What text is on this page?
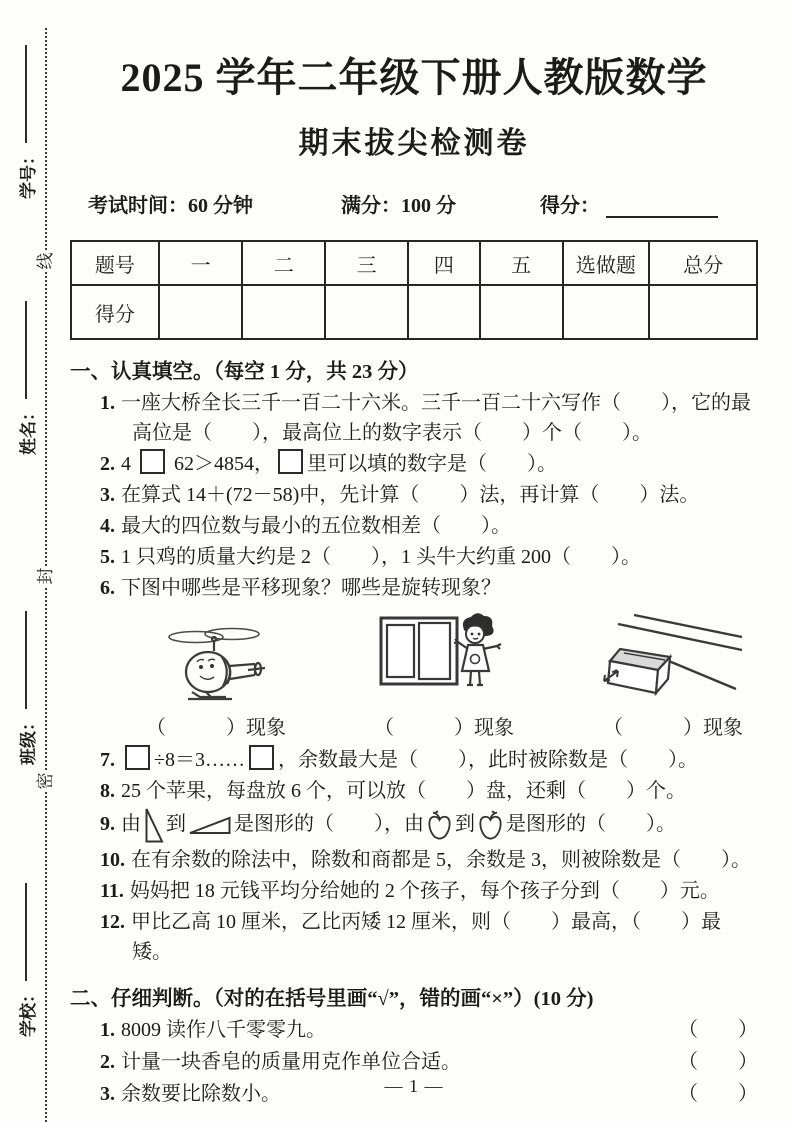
学号：
姓名：
班级：
学校：
线
封
密
2025 学年二年级下册人教版数学
期末拔尖检测卷
考试时间：60 分钟	满分：100 分	得分：
题号	一	二	三	四	五	选做题	总分
得分							
一、认真填空。（每空 1 分，共 23 分）
1. 一座大桥全长三千一百二十六米。三千一百二十六写作（　　），它的最高位是（　　），最高位上的数字表示（　　）个（　　）。
2. 4  62＞4854， 里可以填的数字是（　　）。
3. 在算式 14＋(72－58)中，先计算（　　）法，再计算（　　）法。
4. 最大的四位数与最小的五位数相差（　　）。
5. 1 只鸡的质量大约是 2（　　），1 头牛大约重 200（　　）。
6. 下图中哪些是平移现象？哪些是旋转现象？
（　　　）现象	（　　　）现象	（　　　）现象
7. ÷8＝3…… ，余数最大是（　　），此时被除数是（　　）。
8. 25 个苹果，每盘放 6 个，可以放（　　）盘，还剩（　　）个。
9. 由 到 是图形的（　　），由 到 是图形的（　　）。
10. 在有余数的除法中，除数和商都是 5，余数是 3，则被除数是（　　）。
11. 妈妈把 18 元钱平均分给她的 2 个孩子，每个孩子分到（　　）元。
12. 甲比乙高 10 厘米，乙比丙矮 12 厘米，则（　　）最高，（　　）最矮。
二、仔细判断。（对的在括号里画“√”，错的画“×”）(10 分)
1. 8009 读作八千零零九。	（　　）
2. 计量一块香皂的质量用克作单位合适。	（　　）
3. 余数要比除数小。	（　　）
— 1 —
